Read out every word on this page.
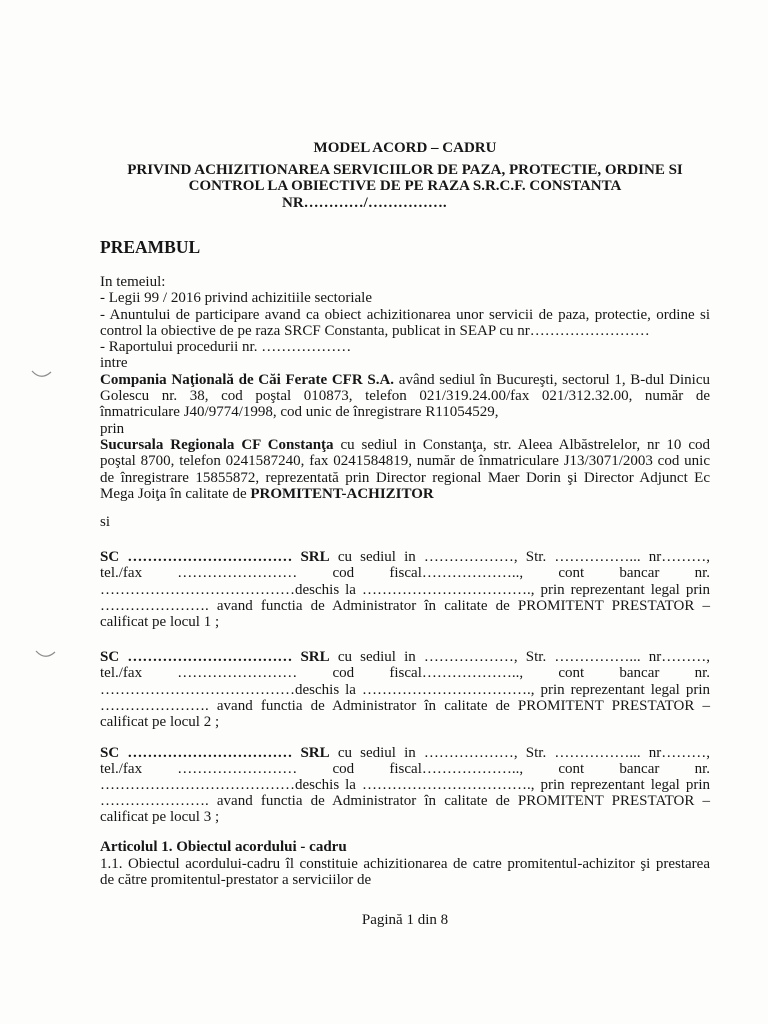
MODEL ACORD – CADRU
PRIVIND ACHIZITIONAREA SERVICIILOR DE PAZA, PROTECTIE, ORDINE SI
CONTROL LA OBIECTIVE DE PE RAZA S.R.C.F. CONSTANTA
NR…………/…………….
PREAMBUL
In temeiul:
- Legii 99 / 2016 privind achizitiile sectoriale
- Anuntului de participare avand ca obiect achizitionarea unor servicii de paza, protectie, ordine si
control la obiective de pe raza SRCF Constanta, publicat in SEAP cu nr……………………
- Raportului procedurii nr. ………………
intre
Compania Naţională de Căi Ferate CFR S.A. având sediul în Bucureşti, sectorul 1, B-dul Dinicu
Golescu nr. 38, cod poştal 010873, telefon 021/319.24.00/fax 021/312.32.00, număr de
înmatriculare J40/9774/1998, cod unic de înregistrare R11054529,
prin
Sucursala Regionala CF Constanţa cu sediul in Constanţa, str. Aleea Albăstrelelor, nr 10 cod
poştal 8700, telefon 0241587240, fax 0241584819, număr de înmatriculare J13/3071/2003 cod unic
de înregistrare 15855872, reprezentată prin Director regional Maer Dorin şi Director Adjunct Ec
Mega Joiţa în calitate de PROMITENT-ACHIZITOR
si
SC …………………………… SRL cu sediul in ………………, Str. ……………... nr………,
tel./fax …………………… cod fiscal……………….., cont bancar nr.
…………………………………deschis la ……………………………., prin reprezentant legal prin
…………………. avand functia de Administrator în calitate de PROMITENT PRESTATOR –
calificat pe locul 1 ;
SC …………………………… SRL cu sediul in ………………, Str. ……………... nr………,
tel./fax …………………… cod fiscal……………….., cont bancar nr.
…………………………………deschis la ……………………………., prin reprezentant legal prin
…………………. avand functia de Administrator în calitate de PROMITENT PRESTATOR –
calificat pe locul 2 ;
SC …………………………… SRL cu sediul in ………………, Str. ……………... nr………,
tel./fax …………………… cod fiscal……………….., cont bancar nr.
…………………………………deschis la ……………………………., prin reprezentant legal prin
…………………. avand functia de Administrator în calitate de PROMITENT PRESTATOR –
calificat pe locul 3 ;
Articolul 1. Obiectul acordului - cadru
1.1. Obiectul acordului-cadru îl constituie achizitionarea de catre promitentul-achizitor şi prestarea
de către promitentul-prestator a serviciilor de
Pagină 1 din 8
